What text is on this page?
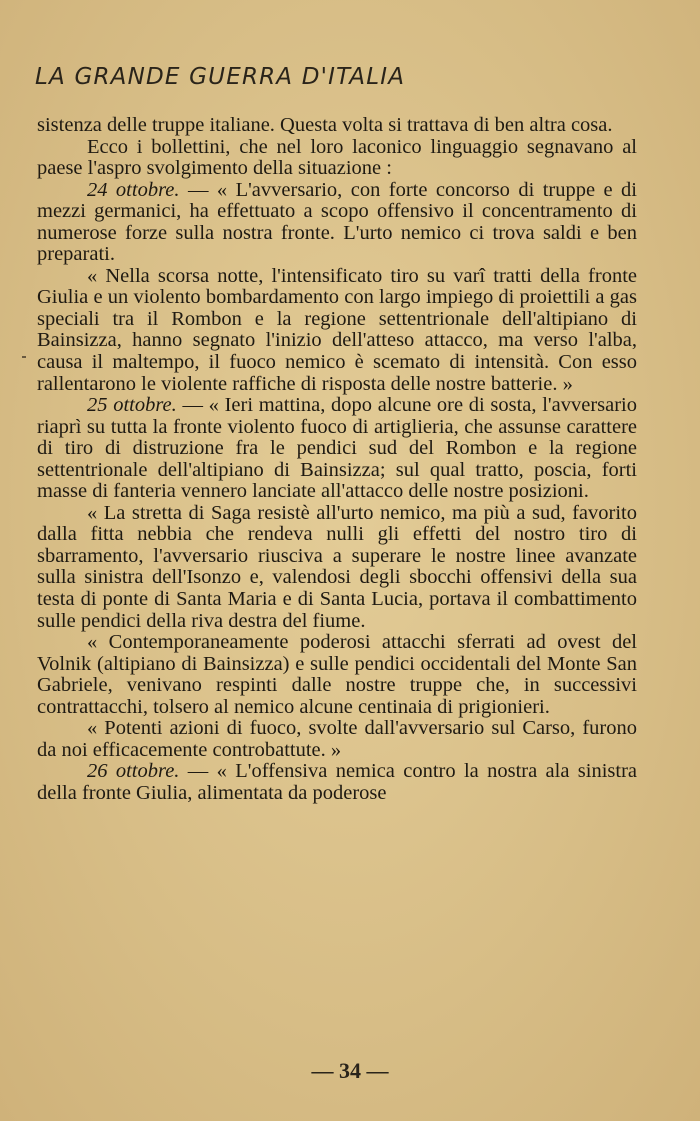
LA GRANDE GUERRA D'ITALIA

sistenza delle truppe italiane. Questa volta si trattava di ben altra cosa.

Ecco i bollettini, che nel loro laconico linguaggio segnavano al paese l'aspro svolgimento della situazione :

24 ottobre. — « L'avversario, con forte concorso di truppe e di mezzi germanici, ha effettuato a scopo offensivo il concentramento di numerose forze sulla nostra fronte. L'urto nemico ci trova saldi e ben preparati.

« Nella scorsa notte, l'intensificato tiro su varî tratti della fronte Giulia e un violento bombardamento con largo impiego di proiettili a gas speciali tra il Rombon e la regione settentrionale dell'altipiano di Bainsizza, hanno segnato l'inizio dell'atteso attacco, ma verso l'alba, causa il maltempo, il fuoco nemico è scemato di intensità. Con esso rallentarono le violente raffiche di risposta delle nostre batterie. »

25 ottobre. — « Ieri mattina, dopo alcune ore di sosta, l'avversario riaprì su tutta la fronte violento fuoco di artiglieria, che assunse carattere di tiro di distruzione fra le pendici sud del Rombon e la regione settentrionale dell'altipiano di Bainsizza; sul qual tratto, poscia, forti masse di fanteria vennero lanciate all'attacco delle nostre posizioni.

« La stretta di Saga resistè all'urto nemico, ma più a sud, favorito dalla fitta nebbia che rendeva nulli gli effetti del nostro tiro di sbarramento, l'avversario riusciva a superare le nostre linee avanzate sulla sinistra dell'Isonzo e, valendosi degli sbocchi offensivi della sua testa di ponte di Santa Maria e di Santa Lucia, portava il combattimento sulle pendici della riva destra del fiume.

« Contemporaneamente poderosi attacchi sferrati ad ovest del Volnik (altipiano di Bainsizza) e sulle pendici occidentali del Monte San Gabriele, venivano respinti dalle nostre truppe che, in successivi contrattacchi, tolsero al nemico alcune centinaia di prigionieri.

« Potenti azioni di fuoco, svolte dall'avversario sul Carso, furono da noi efficacemente controbattute. »

26 ottobre. — « L'offensiva nemica contro la nostra ala sinistra della fronte Giulia, alimentata da poderose

— 34 —
